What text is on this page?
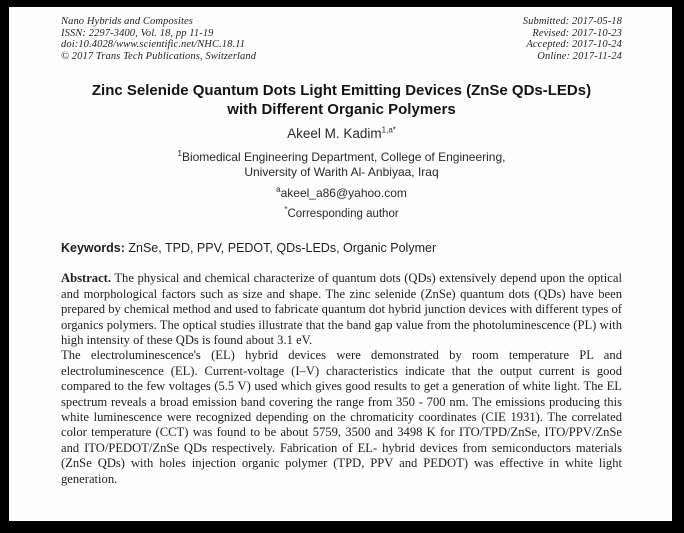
Nano Hybrids and Composites
ISSN: 2297-3400, Vol. 18, pp 11-19
doi:10.4028/www.scientific.net/NHC.18.11
© 2017 Trans Tech Publications, Switzerland
Submitted: 2017-05-18
Revised: 2017-10-23
Accepted: 2017-10-24
Online: 2017-11-24
Zinc Selenide Quantum Dots Light Emitting Devices (ZnSe QDs-LEDs)
with Different Organic Polymers
Akeel M. Kadim$^{1,a*}$
$^1$Biomedical Engineering Department, College of Engineering,
University of Warith Al- Anbiyaa, Iraq
$^a$akeel_a86@yahoo.com
*Corresponding author

Keywords: ZnSe, TPD, PPV, PEDOT, QDs-LEDs, Organic Polymer

Abstract. The physical and chemical characterize of quantum dots (QDs) extensively depend upon the optical and morphological factors such as size and shape. The zinc selenide (ZnSe) quantum dots (QDs) have been prepared by chemical method and used to fabricate quantum dot hybrid junction devices with different types of organics polymers. The optical studies illustrate that the band gap value from the photoluminescence (PL) with high intensity of these QDs is found about 3.1 eV.

The electroluminescence's (EL) hybrid devices were demonstrated by room temperature PL and electroluminescence (EL). Current-voltage (I–V) characteristics indicate that the output current is good compared to the few voltages (5.5 V) used which gives good results to get a generation of white light. The EL spectrum reveals a broad emission band covering the range from 350 - 700 nm. The emissions producing this white luminescence were recognized depending on the chromaticity coordinates (CIE 1931). The correlated color temperature (CCT) was found to be about 5759, 3500 and 3498 K for ITO/TPD/ZnSe, ITO/PPV/ZnSe and ITO/PEDOT/ZnSe QDs respectively. Fabrication of EL- hybrid devices from semiconductors materials (ZnSe QDs) with holes injection organic polymer (TPD, PPV and PEDOT) was effective in white light generation.
